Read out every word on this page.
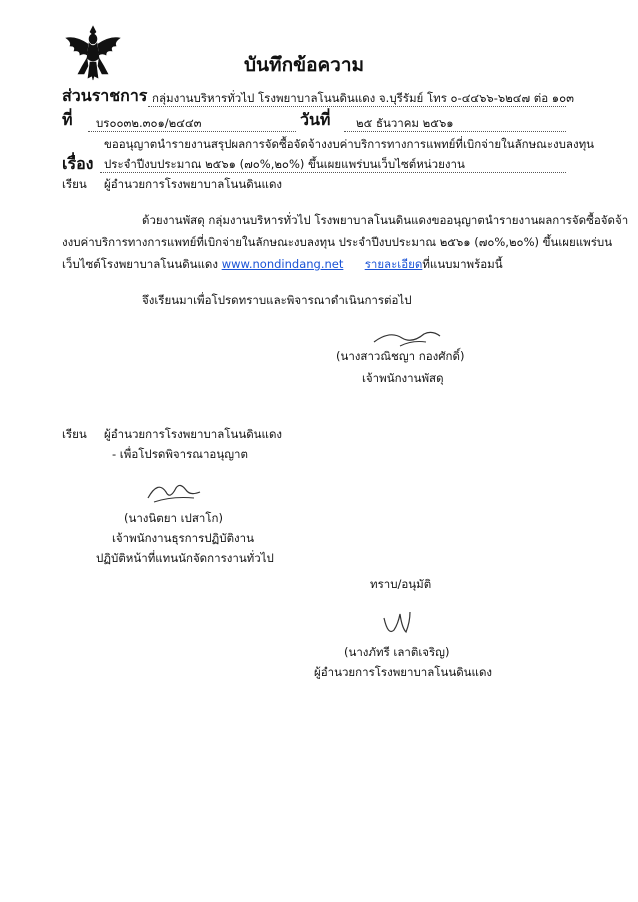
บันทึกข้อความ
ส่วนราชการ กลุ่มงานบริหารทั่วไป โรงพยาบาลโนนดินแดง จ.บุรีรัมย์ โทร ๐-๔๔๖๖-๖๒๔๗ ต่อ ๑๐๓
ที่ บร๐๐๓๒.๓๐๑/๒๔๔๓	วันที่ ๒๕ ธันวาคม ๒๕๖๑
ขออนุญาตนำรายงานสรุปผลการจัดซื้อจัดจ้างงบค่าบริการทางการแพทย์ที่เบิกจ่ายในลักษณะงบลงทุน
เรื่อง ประจำปีงบประมาณ ๒๕๖๑ (๗๐%,๒๐%) ขึ้นเผยแพร่บนเว็บไซต์หน่วยงาน
เรียน ผู้อำนวยการโรงพยาบาลโนนดินแดง
ด้วยงานพัสดุ กลุ่มงานบริหารทั่วไป โรงพยาบาลโนนดินแดงขออนุญาตนำรายงานผลการจัดซื้อจัดจ้า
งงบค่าบริการทางการแพทย์ที่เบิกจ่ายในลักษณะงบลงทุน ประจำปีงบประมาณ ๒๕๖๑ (๗๐%,๒๐%) ขึ้นเผยแพร่บน
เว็บไซต์โรงพยาบาลโนนดินแดง www.nondindang.net รายละเอียดที่แนบมาพร้อมนี้
จึงเรียนมาเพื่อโปรดทราบและพิจารณาดำเนินการต่อไป
(นางสาวณิชญา กองศักดิ์)
เจ้าพนักงานพัสดุ
เรียน ผู้อำนวยการโรงพยาบาลโนนดินแดง
- เพื่อโปรดพิจารณาอนุญาต
(นางนิตยา เปสาโก)
เจ้าพนักงานธุรการปฏิบัติงาน
ปฏิบัติหน้าที่แทนนักจัดการงานทั่วไป
ทราบ/อนุมัติ
(นางภัทรี เลาติเจริญ)
ผู้อำนวยการโรงพยาบาลโนนดินแดง
